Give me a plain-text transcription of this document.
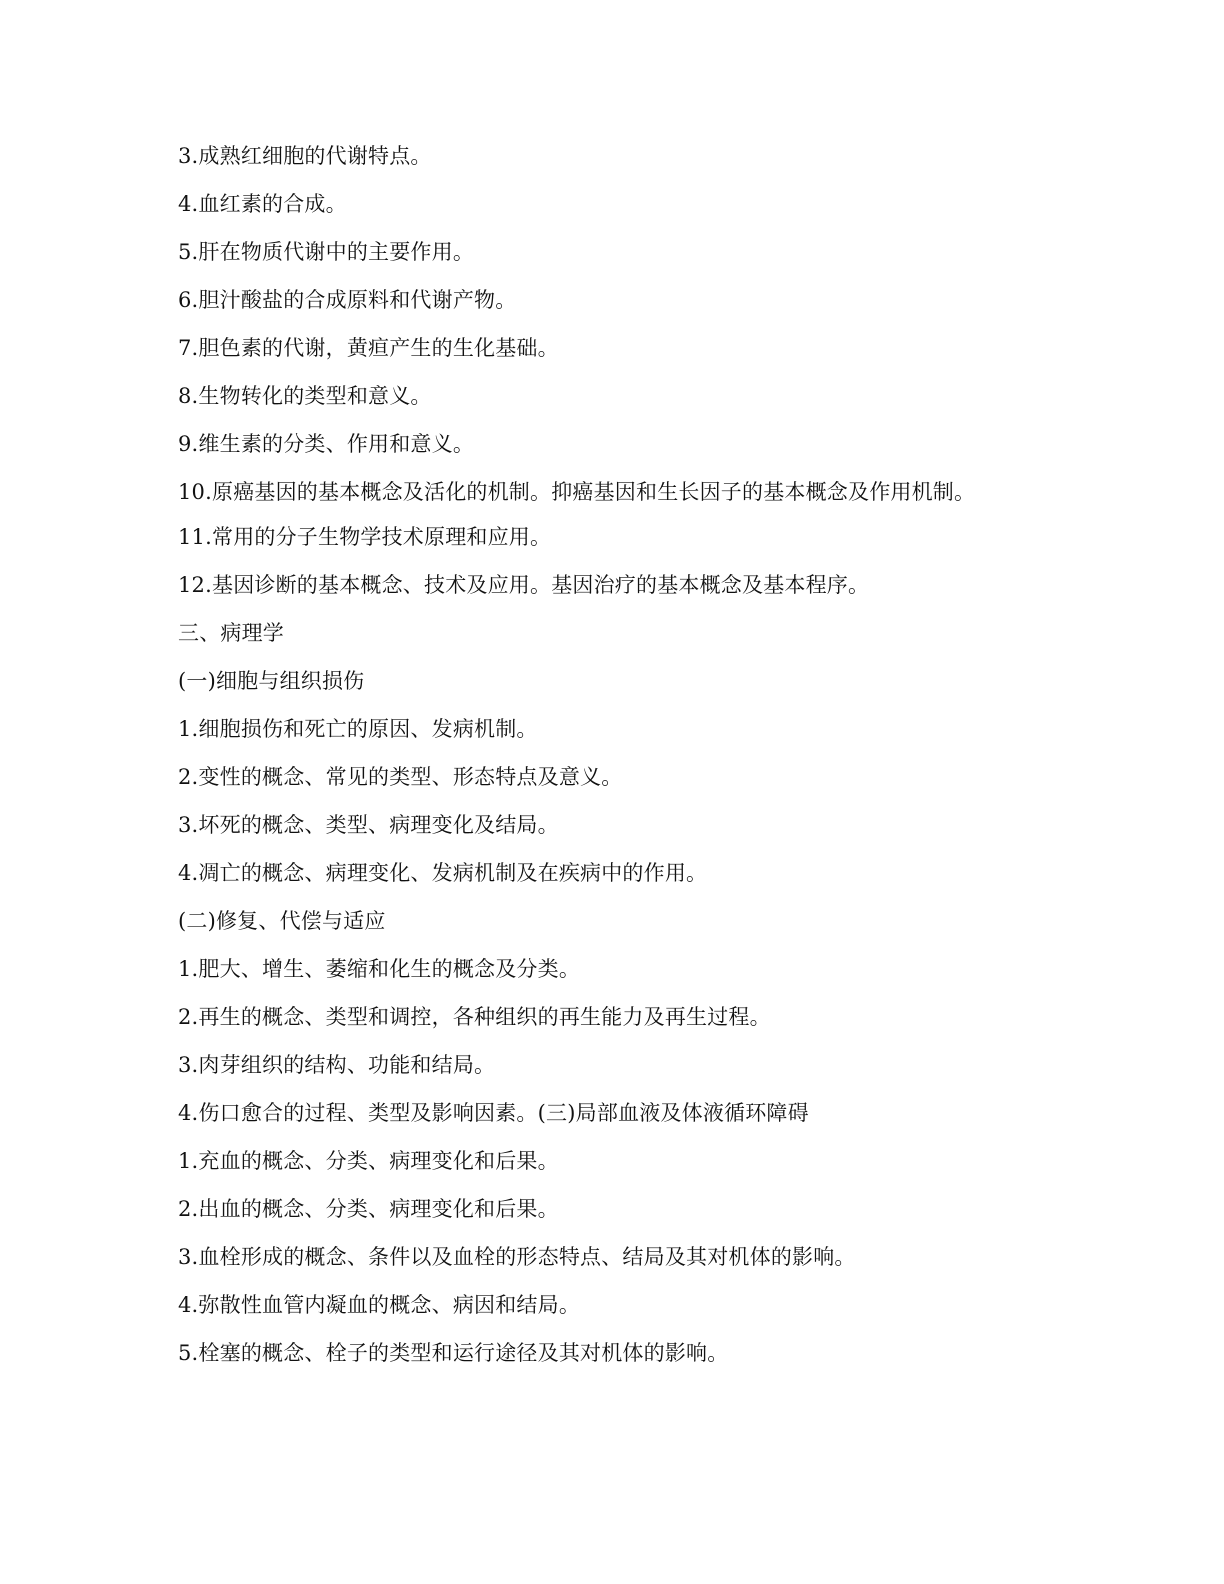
3.成熟红细胞的代谢特点。

4.血红素的合成。

5.肝在物质代谢中的主要作用。

6.胆汁酸盐的合成原料和代谢产物。

7.胆色素的代谢，黄疸产生的生化基础。

8.生物转化的类型和意义。

9.维生素的分类、作用和意义。

10.原癌基因的基本概念及活化的机制。抑癌基因和生长因子的基本概念及作用机制。

11.常用的分子生物学技术原理和应用。

12.基因诊断的基本概念、技术及应用。基因治疗的基本概念及基本程序。

三、病理学

(一)细胞与组织损伤

1.细胞损伤和死亡的原因、发病机制。

2.变性的概念、常见的类型、形态特点及意义。

3.坏死的概念、类型、病理变化及结局。

4.凋亡的概念、病理变化、发病机制及在疾病中的作用。

(二)修复、代偿与适应

1.肥大、增生、萎缩和化生的概念及分类。

2.再生的概念、类型和调控，各种组织的再生能力及再生过程。

3.肉芽组织的结构、功能和结局。

4.伤口愈合的过程、类型及影响因素。(三)局部血液及体液循环障碍

1.充血的概念、分类、病理变化和后果。

2.出血的概念、分类、病理变化和后果。

3.血栓形成的概念、条件以及血栓的形态特点、结局及其对机体的影响。

4.弥散性血管内凝血的概念、病因和结局。

5.栓塞的概念、栓子的类型和运行途径及其对机体的影响。
